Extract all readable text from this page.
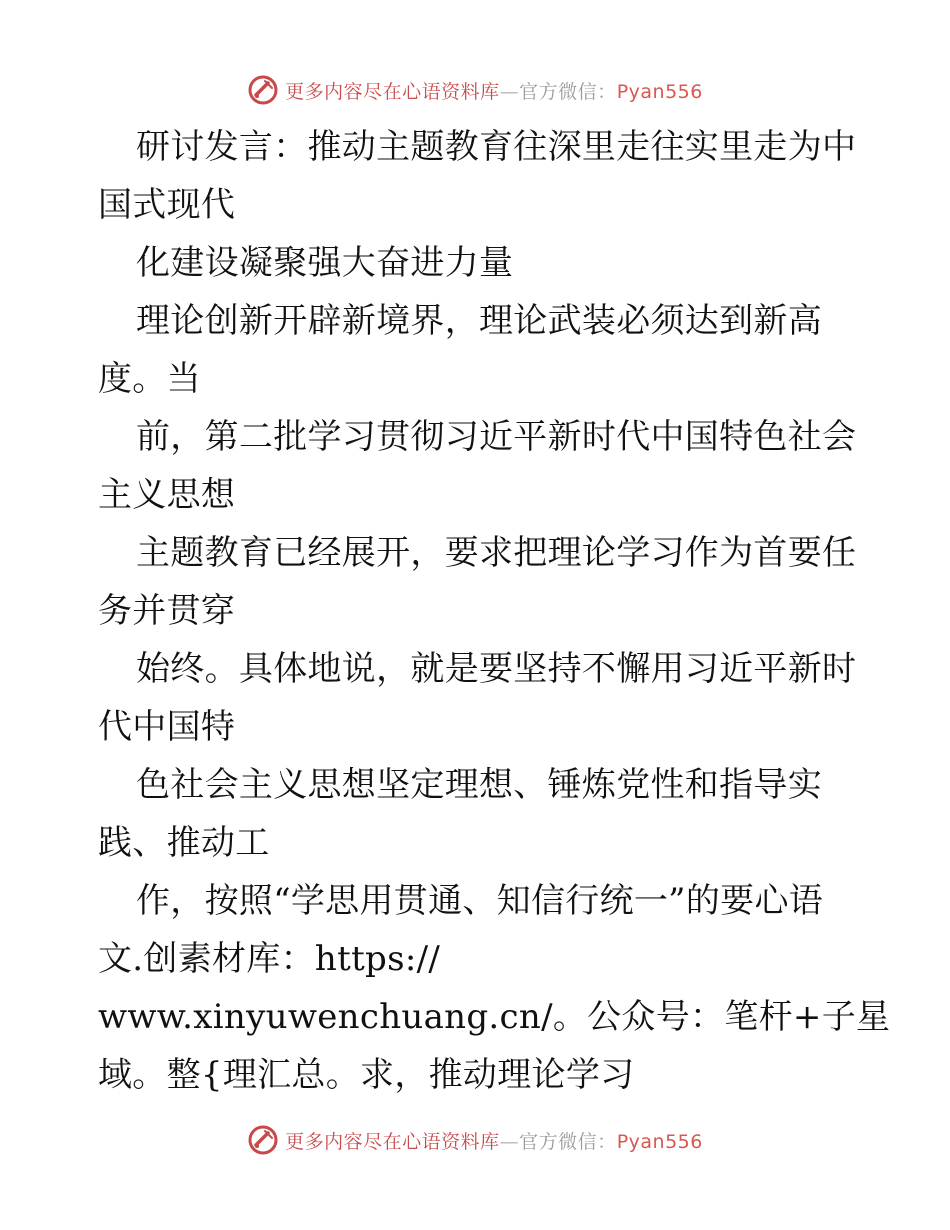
更多内容尽在心语资料库—官方微信：Pyan556
研讨发言：推动主题教育往深里走往实里走为中
国式现代
化建设凝聚强大奋进力量
理论创新开辟新境界，理论武装必须达到新高
度。当
前，第二批学习贯彻习近平新时代中国特色社会
主义思想
主题教育已经展开，要求把理论学习作为首要任
务并贯穿
始终。具体地说，就是要坚持不懈用习近平新时
代中国特
色社会主义思想坚定理想、锤炼党性和指导实
践、推动工
作，按照“学思用贯通、知信行统一”的要心语
文.创素材库：https://
www.xinyuwenchuang.cn/。公众号：笔杆+子星
域。整{理汇总。求，推动理论学习
更多内容尽在心语资料库—官方微信：Pyan556
